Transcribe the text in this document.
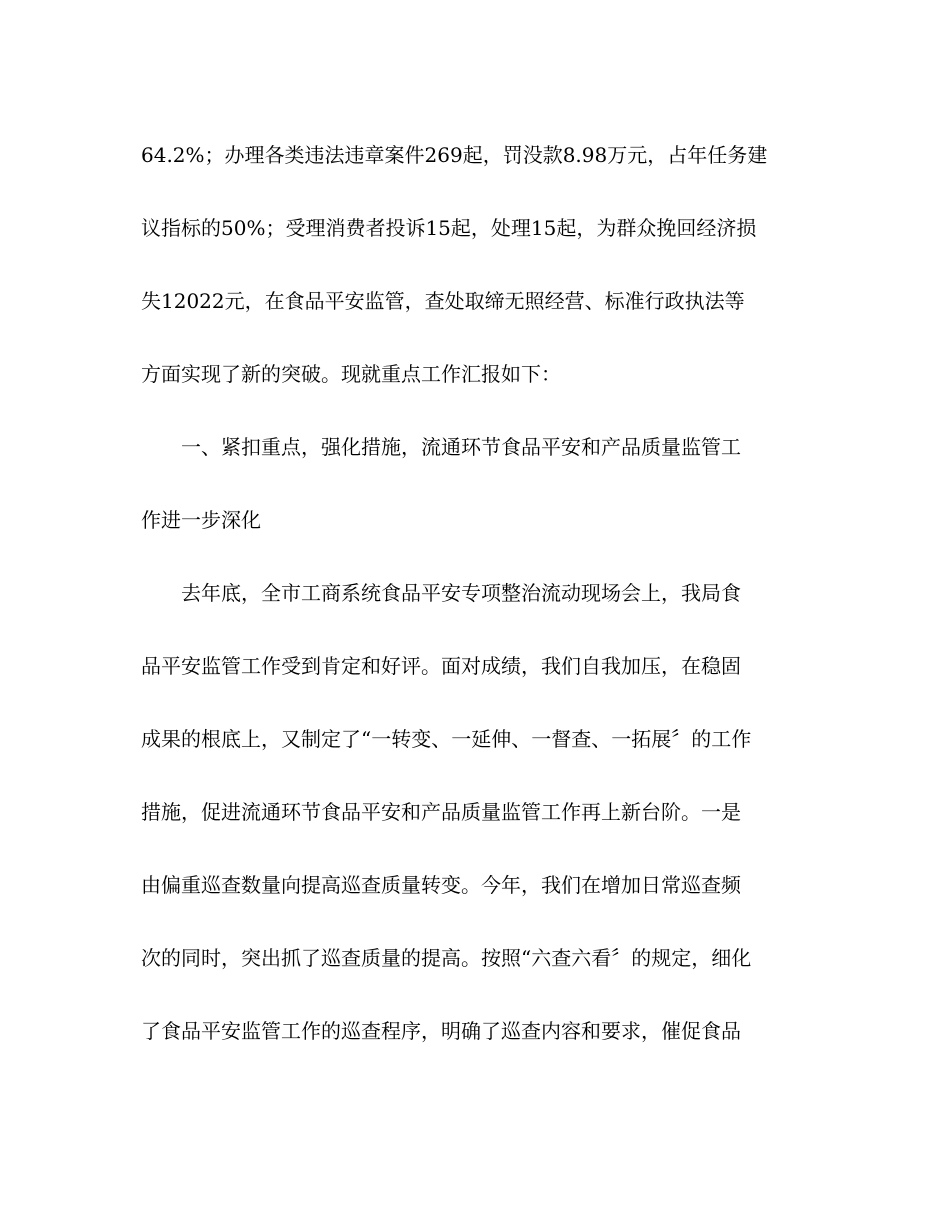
64.2%；办理各类违法违章案件269起，罚没款8.98万元，占年任务建
议指标的50%；受理消费者投诉15起，处理15起，为群众挽回经济损
失12022元，在食品平安监管，查处取缔无照经营、标准行政执法等
方面实现了新的突破。现就重点工作汇报如下：
　　一、紧扣重点，强化措施，流通环节食品平安和产品质量监管工
作进一步深化
　　去年底，全市工商系统食品平安专项整治流动现场会上，我局食
品平安监管工作受到肯定和好评。面对成绩，我们自我加压，在稳固
成果的根底上，又制定了“一转变、一延伸、一督查、一拓展〞的工作
措施，促进流通环节食品平安和产品质量监管工作再上新台阶。一是
由偏重巡查数量向提高巡查质量转变。今年，我们在增加日常巡查频
次的同时，突出抓了巡查质量的提高。按照“六查六看〞的规定，细化
了食品平安监管工作的巡查程序，明确了巡查内容和要求，催促食品
